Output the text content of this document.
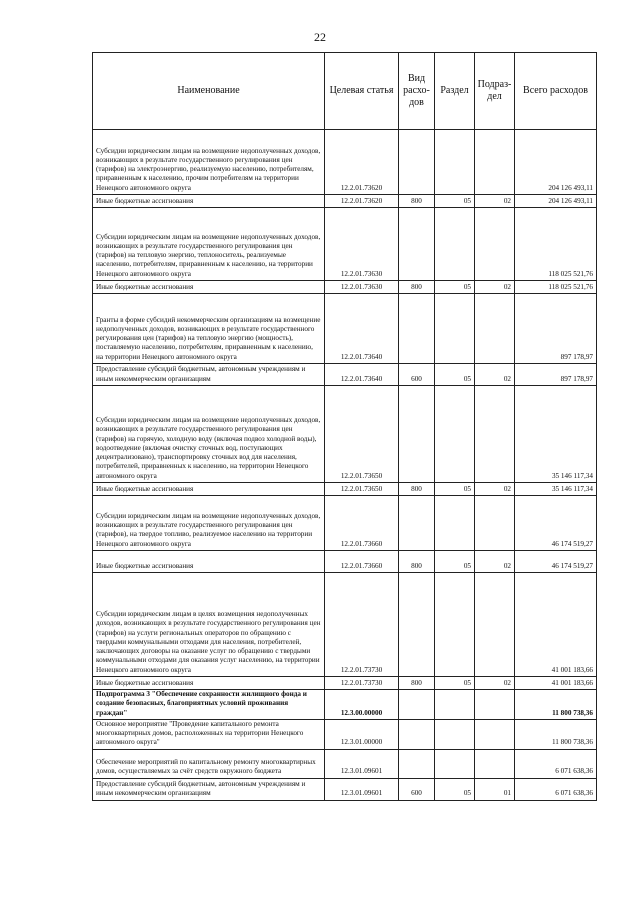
22
Наименование	Целевая статья	Вид расхо-дов	Раздел	Подраз-дел	Всего расходов
Субсидии юридическим лицам на возмещение недополученных доходов, возникающих в результате государственного регулирования цен (тарифов) на электроэнергию, реализуемую населению, потребителям, приравненным к населению, прочим потребителям на территории Ненецкого автономного округа	12.2.01.73620				204 126 493,11
Иные бюджетные ассигнования	12.2.01.73620	800	05	02	204 126 493,11
Субсидии юридическим лицам на возмещение недополученных доходов, возникающих в результате государственного регулирования цен (тарифов) на тепловую энергию, теплоноситель, реализуемые населению, потребителям, приравненным к населению, на территории Ненецкого автономного округа	12.2.01.73630				118 025 521,76
Иные бюджетные ассигнования	12.2.01.73630	800	05	02	118 025 521,76
Гранты в форме субсидий некоммерческим организациям на возмещение недополученных доходов, возникающих в результате государственного регулирования цен (тарифов) на тепловую энергию (мощность), поставляемую населению, потребителям, приравненным к населению, на территории Ненецкого автономного округа	12.2.01.73640				897 178,97
Предоставление субсидий бюджетным, автономным учреждениям и иным некоммерческим организациям	12.2.01.73640	600	05	02	897 178,97
Субсидии юридическим лицам на возмещение недополученных доходов, возникающих в результате государственного регулирования цен (тарифов) на горячую, холодную воду (включая подвоз холодной воды), водоотведение (включая очистку сточных вод, поступающих децентрализовано), транспортировку сточных вод для населения, потребителей, приравненных к населению, на территории Ненецкого автономного округа	12.2.01.73650				35 146 117,34
Иные бюджетные ассигнования	12.2.01.73650	800	05	02	35 146 117,34
Субсидии юридическим лицам на возмещение недополученных доходов, возникающих в результате государственного регулирования цен (тарифов), на твердое топливо, реализуемое населению на территории Ненецкого автономного округа	12.2.01.73660				46 174 519,27
Иные бюджетные ассигнования	12.2.01.73660	800	05	02	46 174 519,27
Субсидии юридическим лицам в целях возмещения недополученных доходов, возникающих в результате государственного регулирования цен (тарифов) на услуги региональных операторов по обращению с твердыми коммунальными отходами для населения, потребителей, заключающих договоры на оказание услуг по обращению с твердыми коммунальными отходами для оказания услуг населению, на территории Ненецкого автономного округа	12.2.01.73730				41 001 183,66
Иные бюджетные ассигнования	12.2.01.73730	800	05	02	41 001 183,66
Подпрограмма 3 "Обеспечение сохранности жилищного фонда и создание безопасных, благоприятных условий проживания граждан"	12.3.00.00000				11 800 738,36
Основное мероприятие "Проведение капитального ремонта многоквартирных домов, расположенных на территории Ненецкого автономного округа"	12.3.01.00000				11 800 738,36
Обеспечение мероприятий по капитальному ремонту многоквартирных домов, осуществляемых за счёт средств окружного бюджета	12.3.01.09601				6 071 638,36
Предоставление субсидий бюджетным, автономным учреждениям и иным некоммерческим организациям	12.3.01.09601	600	05	01	6 071 638,36
